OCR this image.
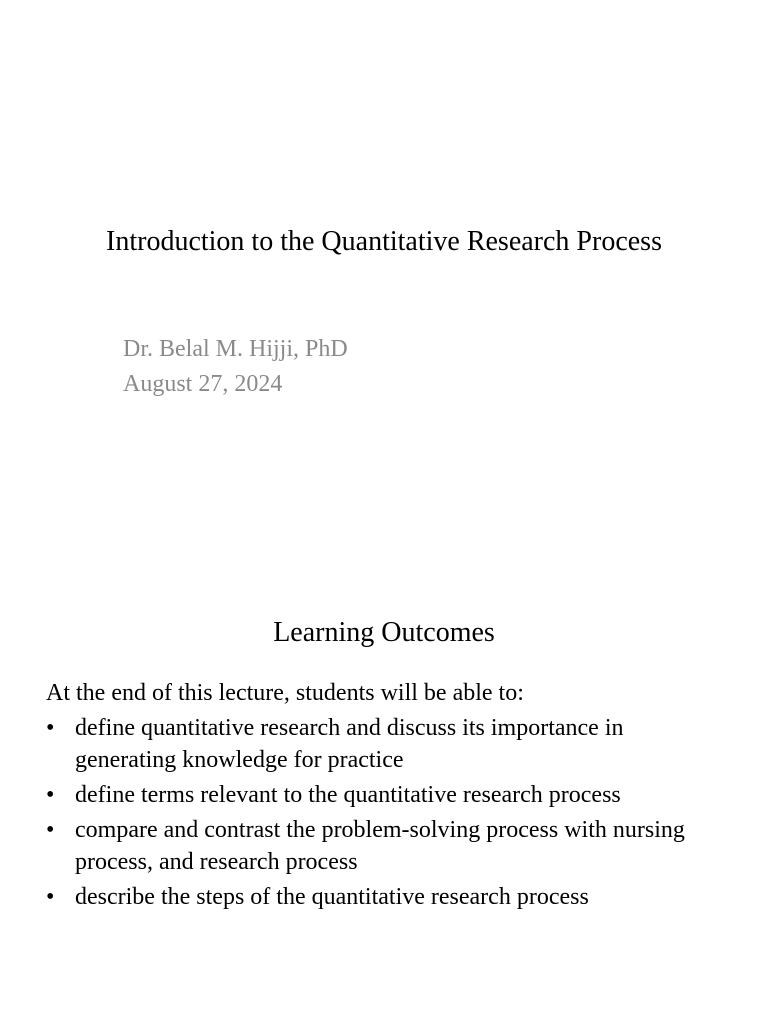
Introduction to the Quantitative Research Process
Dr. Belal M. Hijji, PhD
August 27, 2024
Learning Outcomes
At the end of this lecture, students will be able to:
• define quantitative research and discuss its importance in generating knowledge for practice
• define terms relevant to the quantitative research process
• compare and contrast the problem-solving process with nursing process, and research process
• describe the steps of the quantitative research process
